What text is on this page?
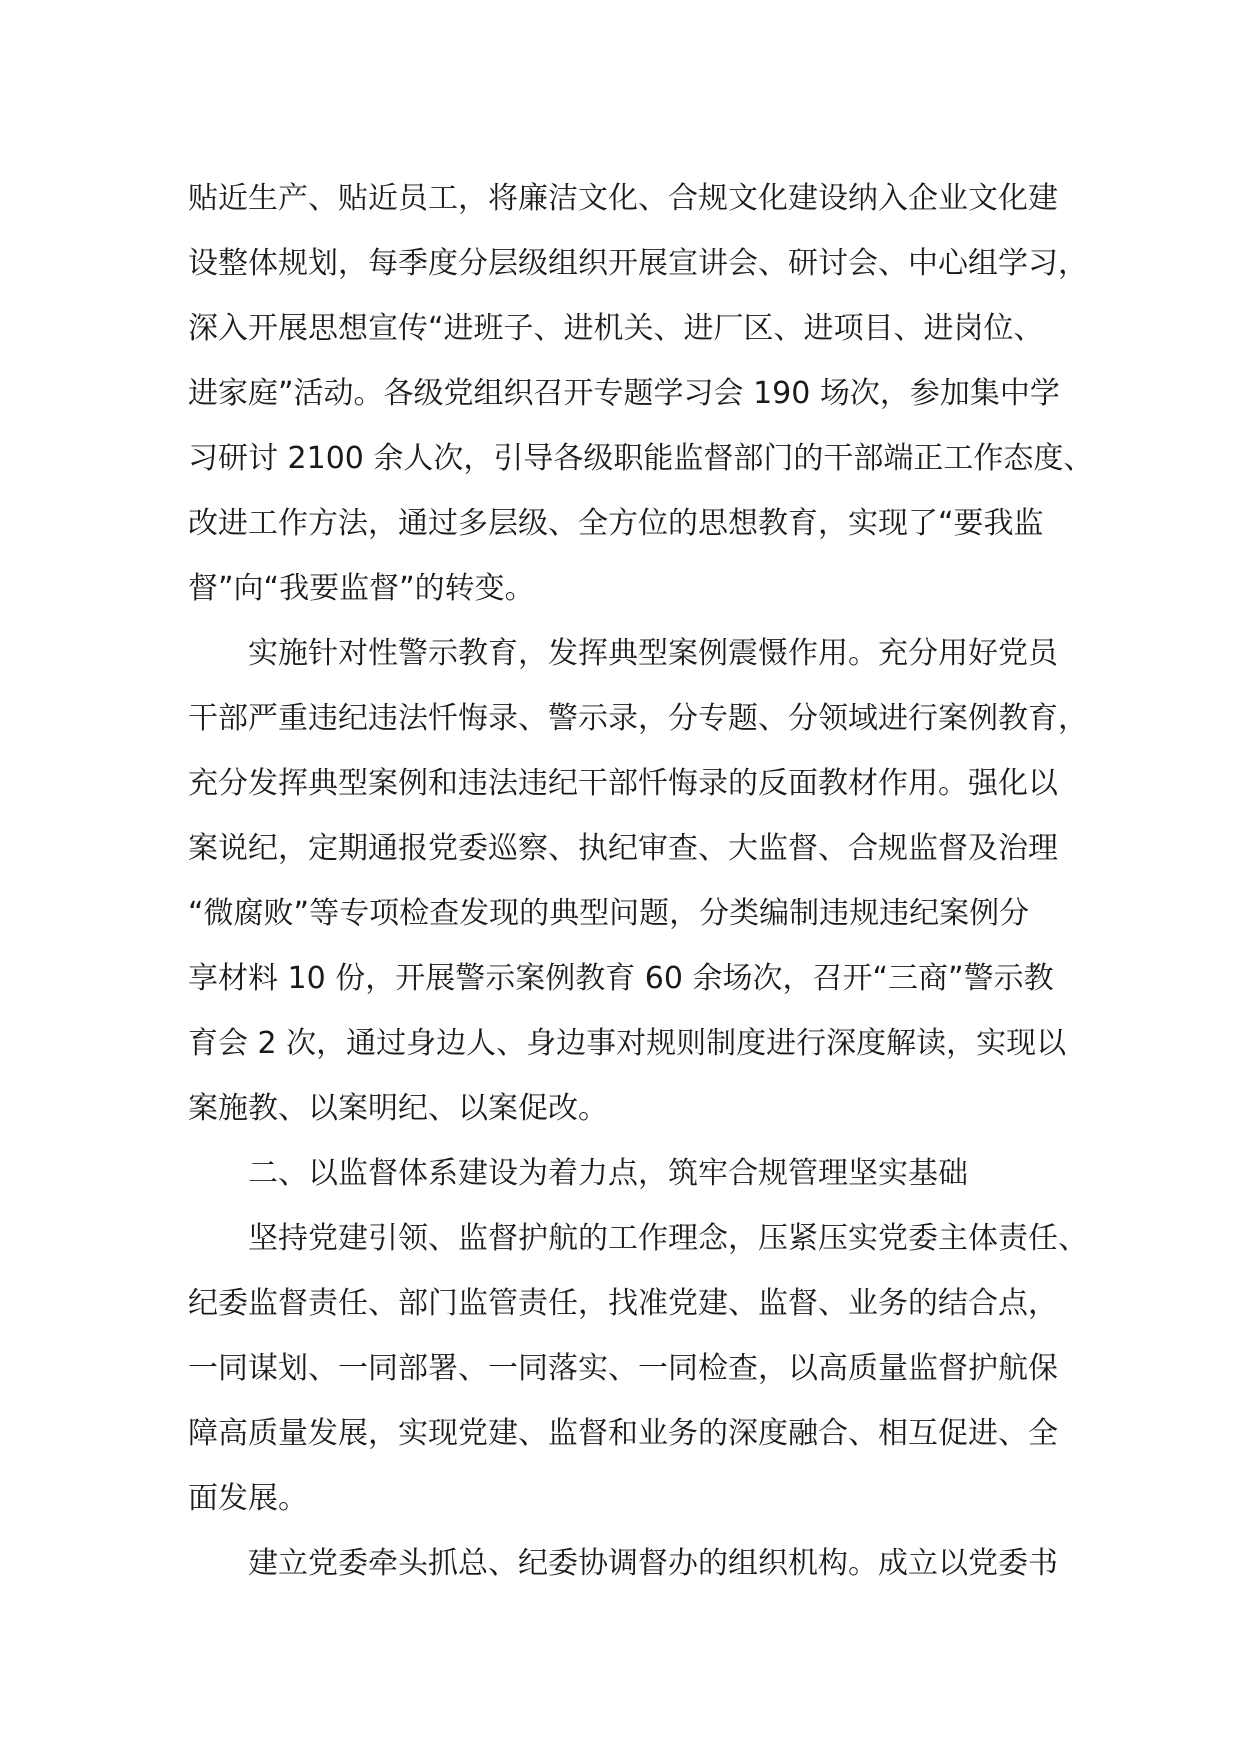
贴近生产、贴近员工，将廉洁文化、合规文化建设纳入企业文化建
设整体规划，每季度分层级组织开展宣讲会、研讨会、中心组学习，
深入开展思想宣传“进班子、进机关、进厂区、进项目、进岗位、
进家庭”活动。各级党组织召开专题学习会 190 场次，参加集中学
习研讨 2100 余人次，引导各级职能监督部门的干部端正工作态度、
改进工作方法，通过多层级、全方位的思想教育，实现了“要我监
督”向“我要监督”的转变。
实施针对性警示教育，发挥典型案例震慑作用。充分用好党员
干部严重违纪违法忏悔录、警示录，分专题、分领域进行案例教育，
充分发挥典型案例和违法违纪干部忏悔录的反面教材作用。强化以
案说纪，定期通报党委巡察、执纪审查、大监督、合规监督及治理
“微腐败”等专项检查发现的典型问题，分类编制违规违纪案例分
享材料 10 份，开展警示案例教育 60 余场次，召开“三商”警示教
育会 2 次，通过身边人、身边事对规则制度进行深度解读，实现以
案施教、以案明纪、以案促改。
二、以监督体系建设为着力点，筑牢合规管理坚实基础
坚持党建引领、监督护航的工作理念，压紧压实党委主体责任、
纪委监督责任、部门监管责任，找准党建、监督、业务的结合点，
一同谋划、一同部署、一同落实、一同检查，以高质量监督护航保
障高质量发展，实现党建、监督和业务的深度融合、相互促进、全
面发展。
建立党委牵头抓总、纪委协调督办的组织机构。成立以党委书
